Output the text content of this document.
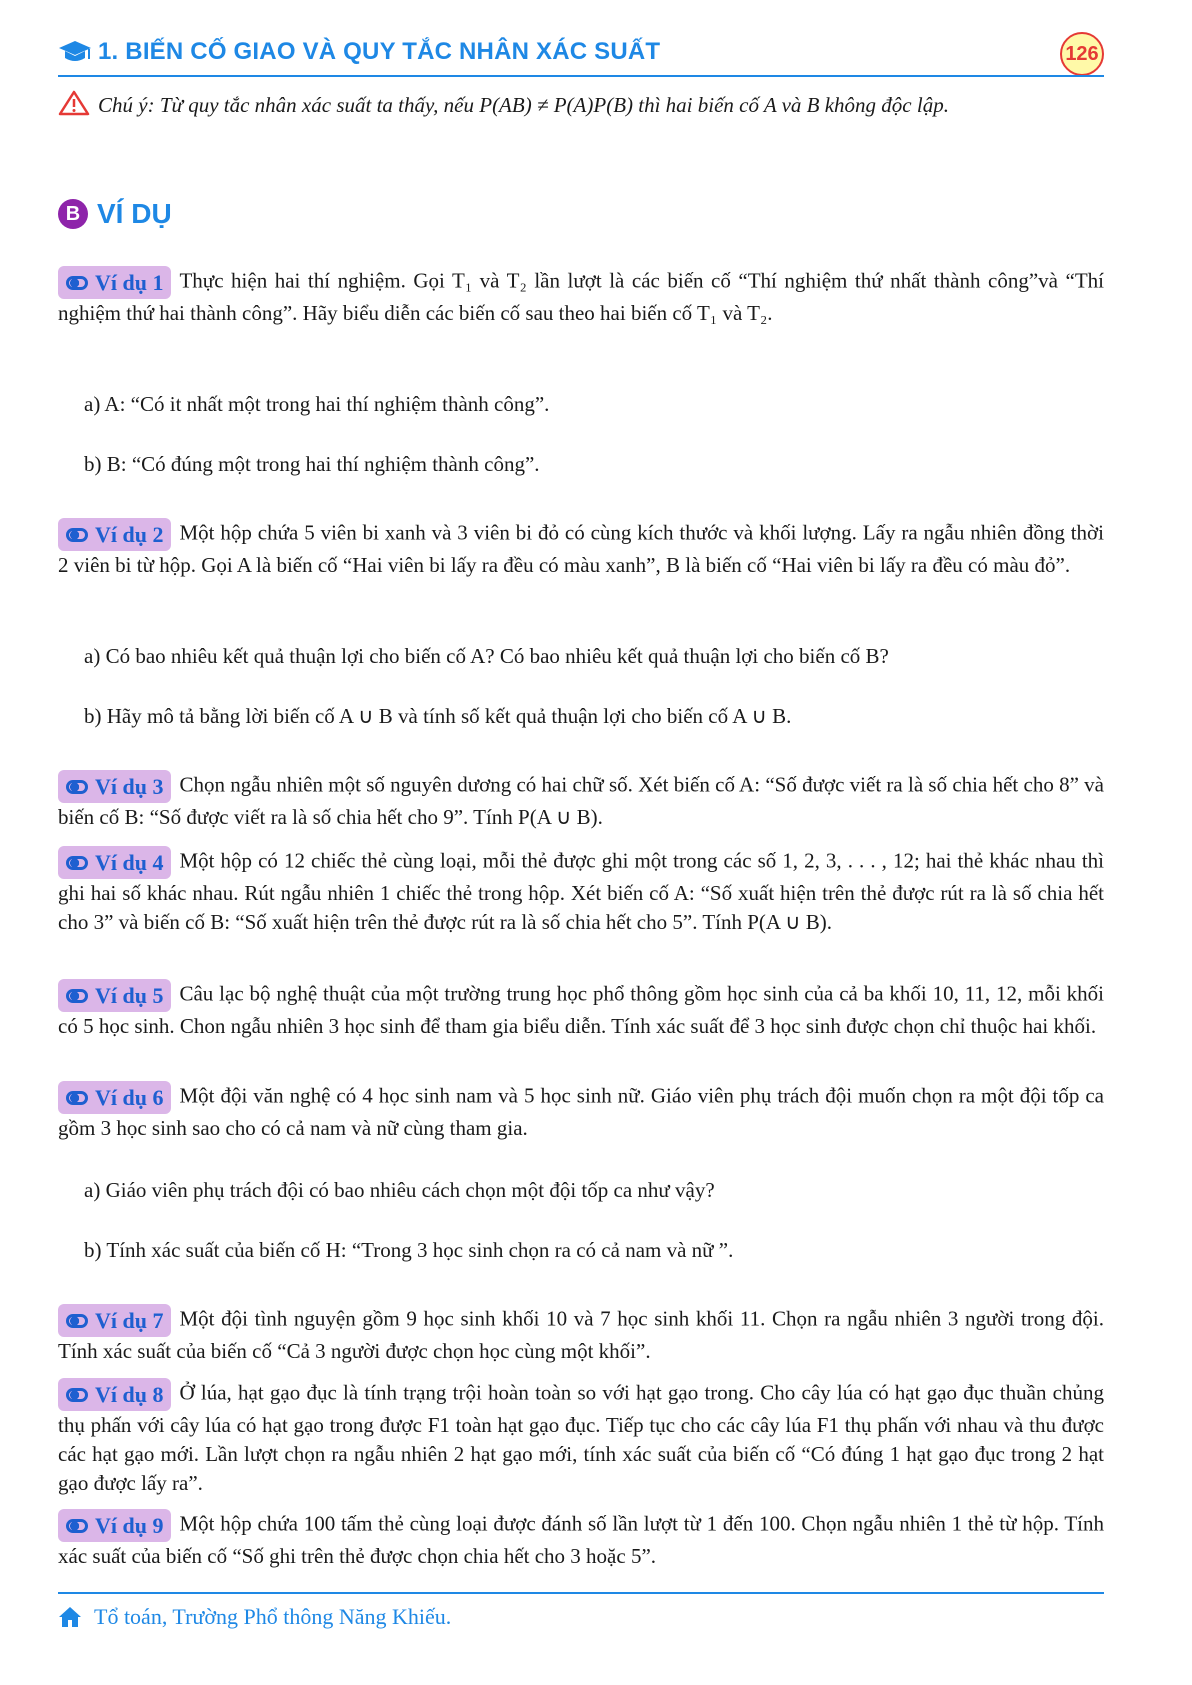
1. BIẾN CỐ GIAO VÀ QUY TẮC NHÂN XÁC SUẤT	126
Chú ý: Từ quy tắc nhân xác suất ta thấy, nếu P(AB) ≠ P(A)P(B) thì hai biến cố A và B không độc lập.
B VÍ DỤ
Ví dụ 1 Thực hiện hai thí nghiệm. Gọi T₁ và T₂ lần lượt là các biến cố “Thí nghiệm thứ nhất thành công”và “Thí nghiệm thứ hai thành công”. Hãy biểu diễn các biến cố sau theo hai biến cố T₁ và T₂.
a) A: “Có it nhất một trong hai thí nghiệm thành công”.
b) B: “Có đúng một trong hai thí nghiệm thành công”.
Ví dụ 2 Một hộp chứa 5 viên bi xanh và 3 viên bi đỏ có cùng kích thước và khối lượng. Lấy ra ngẫu nhiên đồng thời 2 viên bi từ hộp. Gọi A là biến cố “Hai viên bi lấy ra đều có màu xanh”, B là biến cố “Hai viên bi lấy ra đều có màu đỏ”.
a) Có bao nhiêu kết quả thuận lợi cho biến cố A? Có bao nhiêu kết quả thuận lợi cho biến cố B?
b) Hãy mô tả bằng lời biến cố A ∪ B và tính số kết quả thuận lợi cho biến cố A ∪ B.
Ví dụ 3 Chọn ngẫu nhiên một số nguyên dương có hai chữ số. Xét biến cố A: “Số được viết ra là số chia hết cho 8” và biến cố B: “Số được viết ra là số chia hết cho 9”. Tính P(A ∪ B).
Ví dụ 4 Một hộp có 12 chiếc thẻ cùng loại, mỗi thẻ được ghi một trong các số 1, 2, 3, . . . , 12; hai thẻ khác nhau thì ghi hai số khác nhau. Rút ngẫu nhiên 1 chiếc thẻ trong hộp. Xét biến cố A: “Số xuất hiện trên thẻ được rút ra là số chia hết cho 3” và biến cố B: “Số xuất hiện trên thẻ được rút ra là số chia hết cho 5”. Tính P(A ∪ B).
Ví dụ 5 Câu lạc bộ nghệ thuật của một trường trung học phổ thông gồm học sinh của cả ba khối 10, 11, 12, mỗi khối có 5 học sinh. Chon ngẫu nhiên 3 học sinh để tham gia biểu diễn. Tính xác suất để 3 học sinh được chọn chỉ thuộc hai khối.
Ví dụ 6 Một đội văn nghệ có 4 học sinh nam và 5 học sinh nữ. Giáo viên phụ trách đội muốn chọn ra một đội tốp ca gồm 3 học sinh sao cho có cả nam và nữ cùng tham gia.
a) Giáo viên phụ trách đội có bao nhiêu cách chọn một đội tốp ca như vậy?
b) Tính xác suất của biến cố H: “Trong 3 học sinh chọn ra có cả nam và nữ ”.
Ví dụ 7 Một đội tình nguyện gồm 9 học sinh khối 10 và 7 học sinh khối 11. Chọn ra ngẫu nhiên 3 người trong đội. Tính xác suất của biến cố “Cả 3 người được chọn học cùng một khối”.
Ví dụ 8 Ở lúa, hạt gạo đục là tính trạng trội hoàn toàn so với hạt gạo trong. Cho cây lúa có hạt gạo đục thuần chủng thụ phấn với cây lúa có hạt gạo trong được F1 toàn hạt gạo đục. Tiếp tục cho các cây lúa F1 thụ phấn với nhau và thu được các hạt gạo mới. Lần lượt chọn ra ngẫu nhiên 2 hạt gạo mới, tính xác suất của biến cố “Có đúng 1 hạt gạo đục trong 2 hạt gạo được lấy ra”.
Ví dụ 9 Một hộp chứa 100 tấm thẻ cùng loại được đánh số lần lượt từ 1 đến 100. Chọn ngẫu nhiên 1 thẻ từ hộp. Tính xác suất của biến cố “Số ghi trên thẻ được chọn chia hết cho 3 hoặc 5”.
Tổ toán, Trường Phổ thông Năng Khiếu.
